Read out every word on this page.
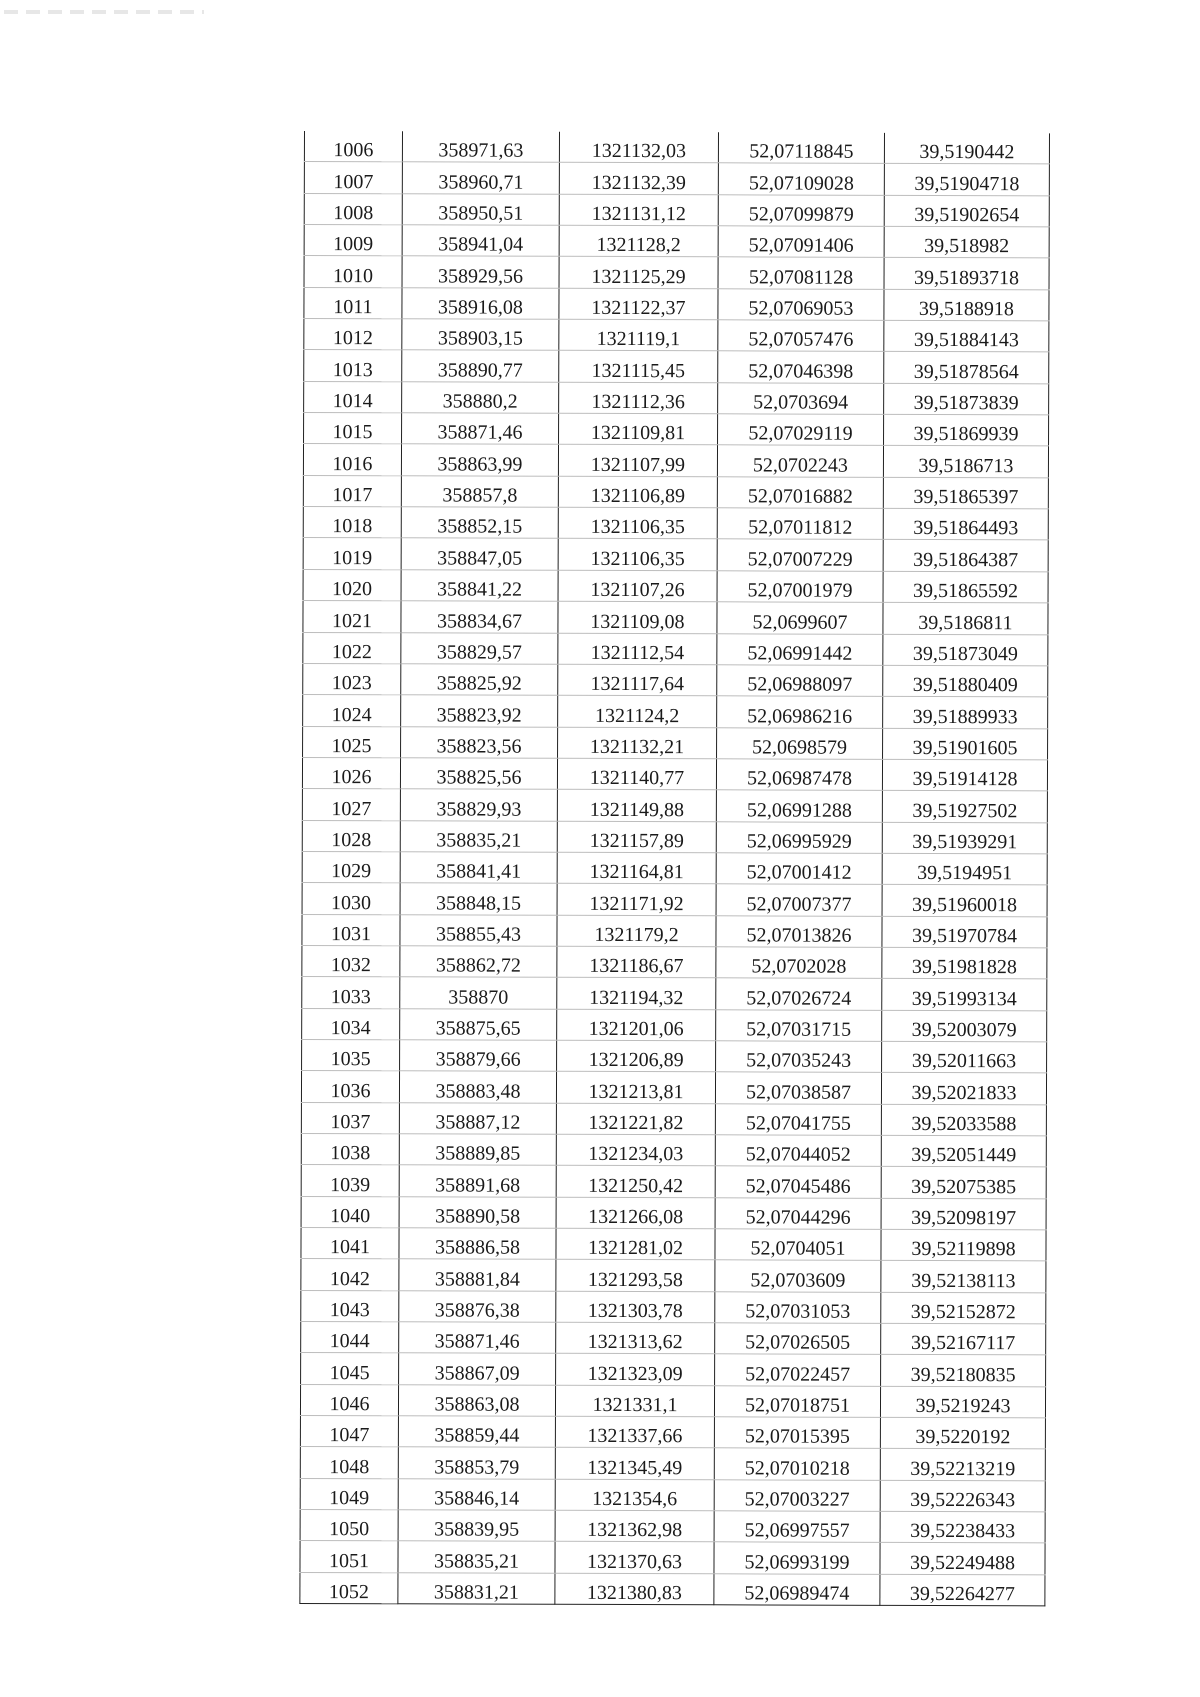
1006	358971,63	1321132,03	52,07118845	39,5190442
1007	358960,71	1321132,39	52,07109028	39,51904718
1008	358950,51	1321131,12	52,07099879	39,51902654
1009	358941,04	1321128,2	52,07091406	39,518982
1010	358929,56	1321125,29	52,07081128	39,51893718
1011	358916,08	1321122,37	52,07069053	39,5188918
1012	358903,15	1321119,1	52,07057476	39,51884143
1013	358890,77	1321115,45	52,07046398	39,51878564
1014	358880,2	1321112,36	52,0703694	39,51873839
1015	358871,46	1321109,81	52,07029119	39,51869939
1016	358863,99	1321107,99	52,0702243	39,5186713
1017	358857,8	1321106,89	52,07016882	39,51865397
1018	358852,15	1321106,35	52,07011812	39,51864493
1019	358847,05	1321106,35	52,07007229	39,51864387
1020	358841,22	1321107,26	52,07001979	39,51865592
1021	358834,67	1321109,08	52,0699607	39,5186811
1022	358829,57	1321112,54	52,06991442	39,51873049
1023	358825,92	1321117,64	52,06988097	39,51880409
1024	358823,92	1321124,2	52,06986216	39,51889933
1025	358823,56	1321132,21	52,0698579	39,51901605
1026	358825,56	1321140,77	52,06987478	39,51914128
1027	358829,93	1321149,88	52,06991288	39,51927502
1028	358835,21	1321157,89	52,06995929	39,51939291
1029	358841,41	1321164,81	52,07001412	39,5194951
1030	358848,15	1321171,92	52,07007377	39,51960018
1031	358855,43	1321179,2	52,07013826	39,51970784
1032	358862,72	1321186,67	52,0702028	39,51981828
1033	358870	1321194,32	52,07026724	39,51993134
1034	358875,65	1321201,06	52,07031715	39,52003079
1035	358879,66	1321206,89	52,07035243	39,52011663
1036	358883,48	1321213,81	52,07038587	39,52021833
1037	358887,12	1321221,82	52,07041755	39,52033588
1038	358889,85	1321234,03	52,07044052	39,52051449
1039	358891,68	1321250,42	52,07045486	39,52075385
1040	358890,58	1321266,08	52,07044296	39,52098197
1041	358886,58	1321281,02	52,0704051	39,52119898
1042	358881,84	1321293,58	52,0703609	39,52138113
1043	358876,38	1321303,78	52,07031053	39,52152872
1044	358871,46	1321313,62	52,07026505	39,52167117
1045	358867,09	1321323,09	52,07022457	39,52180835
1046	358863,08	1321331,1	52,07018751	39,5219243
1047	358859,44	1321337,66	52,07015395	39,5220192
1048	358853,79	1321345,49	52,07010218	39,52213219
1049	358846,14	1321354,6	52,07003227	39,52226343
1050	358839,95	1321362,98	52,06997557	39,52238433
1051	358835,21	1321370,63	52,06993199	39,52249488
1052	358831,21	1321380,83	52,06989474	39,52264277
